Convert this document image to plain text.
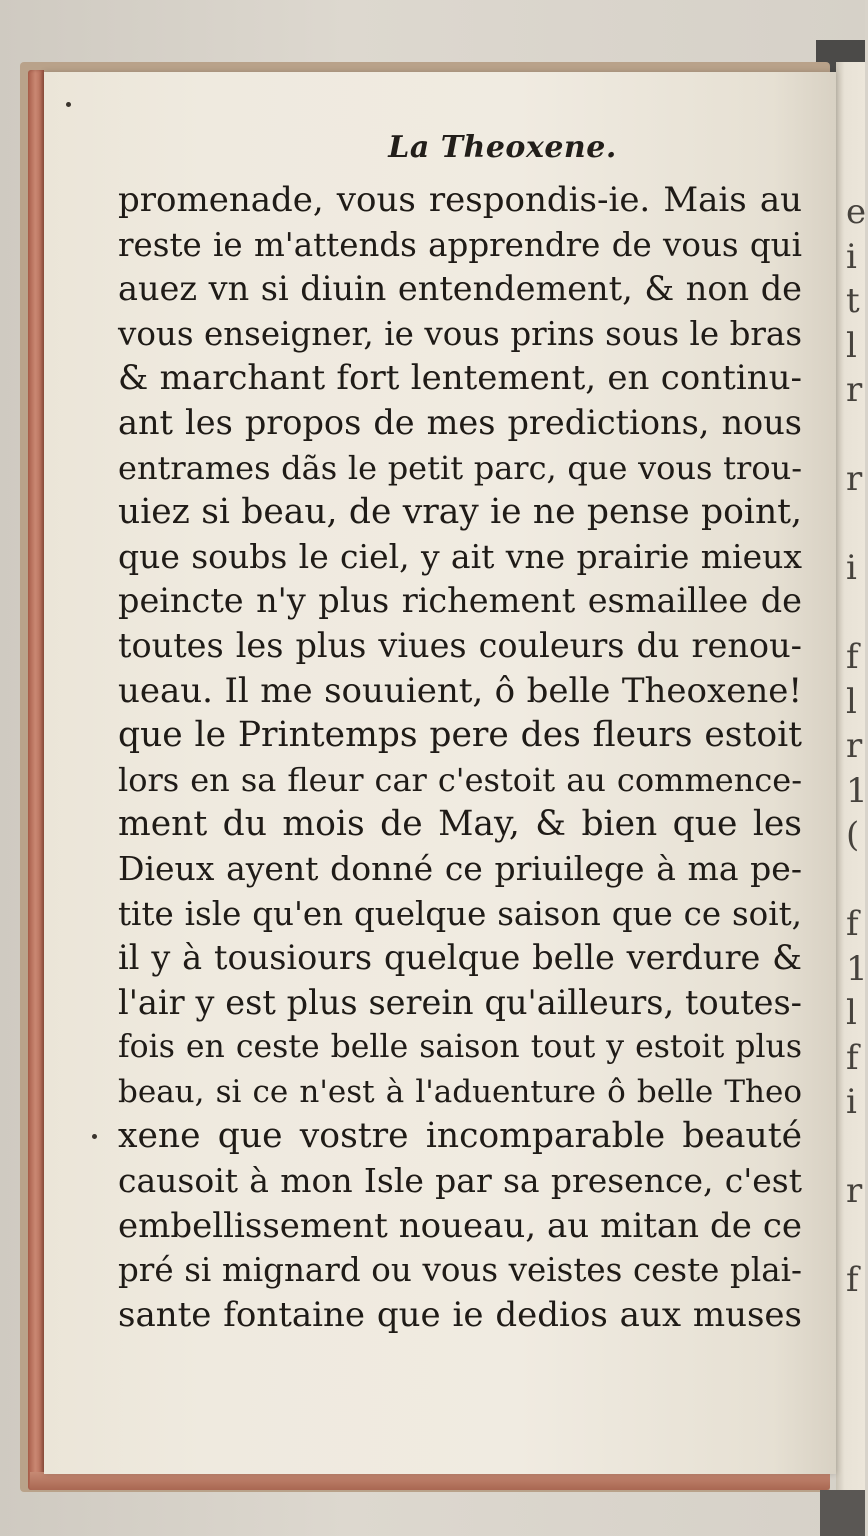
e
i
t
l
r
r
i
f
l
r
1
(
f
1
l
f
i
r
f
La Theoxene.
promenade, vous respondis-ie. Mais au
reste ie m'attends apprendre de vous qui
auez vn si diuin entendement, & non de
vous enseigner, ie vous prins sous le bras
& marchant fort lentement, en continu-
ant les propos de mes predictions, nous
entrames dãs le petit parc, que vous trou-
uiez si beau, de vray ie ne pense point,
que soubs le ciel, y ait vne prairie mieux
peincte n'y plus richement esmaillee de
toutes les plus viues couleurs du renou-
ueau. Il me souuient, ô belle Theoxene!
que le Printemps pere des fleurs estoit
lors en sa fleur car c'estoit au commence-
ment du mois de May, & bien que les
Dieux ayent donné ce priuilege à ma pe-
tite isle qu'en quelque saison que ce soit,
il y à tousiours quelque belle verdure &
l'air y est plus serein qu'ailleurs, toutes-
fois en ceste belle saison tout y estoit plus
beau, si ce n'est à l'aduenture ô belle Theo
xene que vostre incomparable beauté
causoit à mon Isle par sa presence, c'est
embellissement noueau, au mitan de ce
pré si mignard ou vous veistes ceste plai-
sante fontaine que ie dedios aux muses
